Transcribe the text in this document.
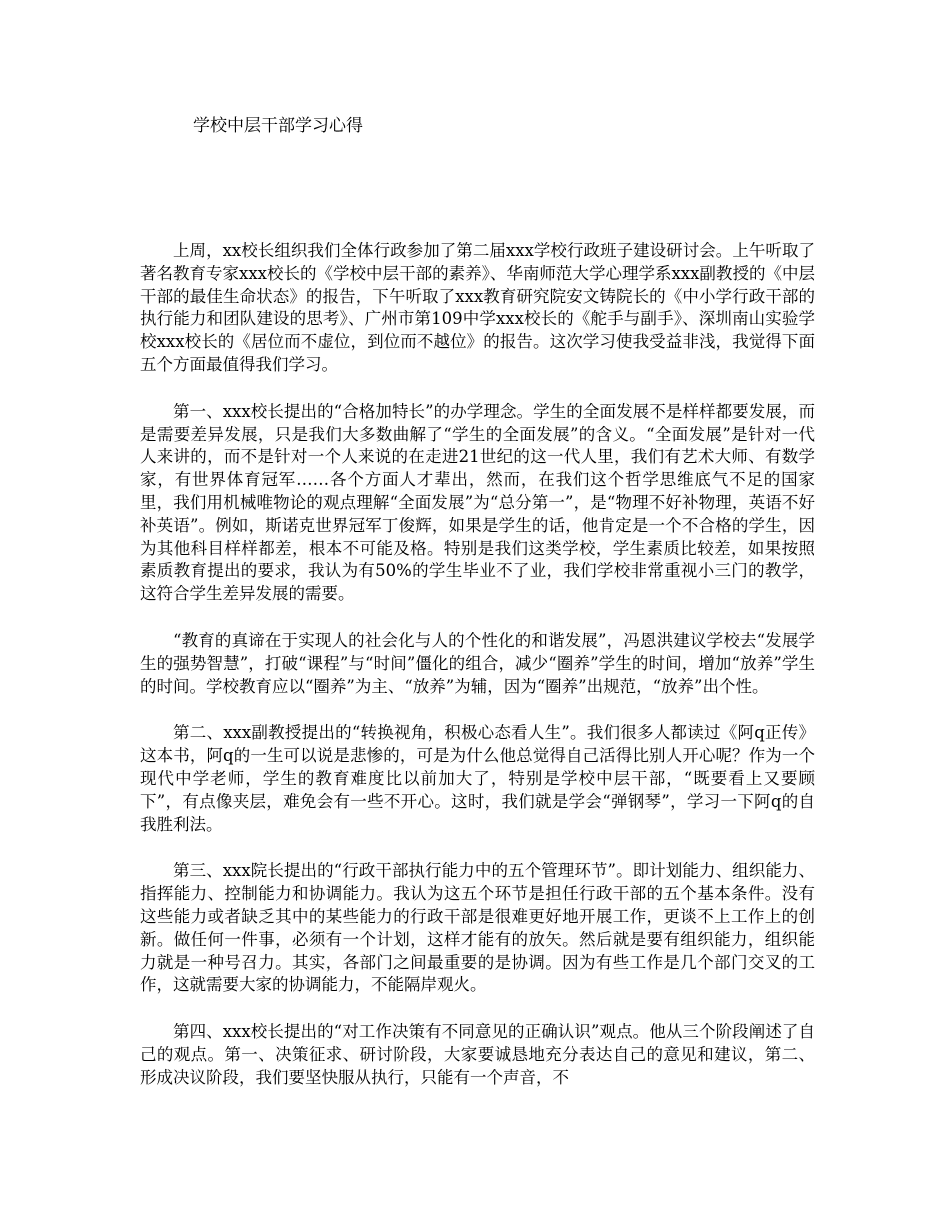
学校中层干部学习心得

上周，xx校长组织我们全体行政参加了第二届xxx学校行政班子建设研讨会。上午听取了著名教育专家xxx校长的《学校中层干部的素养》、华南师范大学心理学系xxx副教授的《中层干部的最佳生命状态》的报告，下午听取了xxx教育研究院安文铸院长的《中小学行政干部的执行能力和团队建设的思考》、广州市第109中学xxx校长的《舵手与副手》、深圳南山实验学校xxx校长的《居位而不虚位，到位而不越位》的报告。这次学习使我受益非浅，我觉得下面五个方面最值得我们学习。

第一、xxx校长提出的“合格加特长”的办学理念。学生的全面发展不是样样都要发展，而是需要差异发展，只是我们大多数曲解了“学生的全面发展”的含义。“全面发展”是针对一代人来讲的，而不是针对一个人来说的在走进21世纪的这一代人里，我们有艺术大师、有数学家，有世界体育冠军……各个方面人才辈出，然而，在我们这个哲学思维底气不足的国家里，我们用机械唯物论的观点理解“全面发展”为“总分第一”，是“物理不好补物理，英语不好补英语”。例如，斯诺克世界冠军丁俊辉，如果是学生的话，他肯定是一个不合格的学生，因为其他科目样样都差，根本不可能及格。特别是我们这类学校，学生素质比较差，如果按照素质教育提出的要求，我认为有50%的学生毕业不了业，我们学校非常重视小三门的教学，这符合学生差异发展的需要。

“教育的真谛在于实现人的社会化与人的个性化的和谐发展”，冯恩洪建议学校去“发展学生的强势智慧”，打破“课程”与“时间”僵化的组合，减少“圈养”学生的时间，增加“放养”学生的时间。学校教育应以“圈养”为主、“放养”为辅，因为“圈养”出规范，“放养”出个性。

第二、xxx副教授提出的“转换视角，积极心态看人生”。我们很多人都读过《阿q正传》这本书，阿q的一生可以说是悲惨的，可是为什么他总觉得自己活得比别人开心呢？作为一个现代中学老师，学生的教育难度比以前加大了，特别是学校中层干部，“既要看上又要顾下”，有点像夹层，难免会有一些不开心。这时，我们就是学会“弹钢琴”，学习一下阿q的自我胜利法。

第三、xxx院长提出的“行政干部执行能力中的五个管理环节”。即计划能力、组织能力、指挥能力、控制能力和协调能力。我认为这五个环节是担任行政干部的五个基本条件。没有这些能力或者缺乏其中的某些能力的行政干部是很难更好地开展工作，更谈不上工作上的创新。做任何一件事，必须有一个计划，这样才能有的放矢。然后就是要有组织能力，组织能力就是一种号召力。其实，各部门之间最重要的是协调。因为有些工作是几个部门交叉的工作，这就需要大家的协调能力，不能隔岸观火。

第四、xxx校长提出的“对工作决策有不同意见的正确认识”观点。他从三个阶段阐述了自己的观点。第一、决策征求、研讨阶段，大家要诚恳地充分表达自己的意见和建议，第二、形成决议阶段，我们要坚快服从执行，只能有一个声音，不
